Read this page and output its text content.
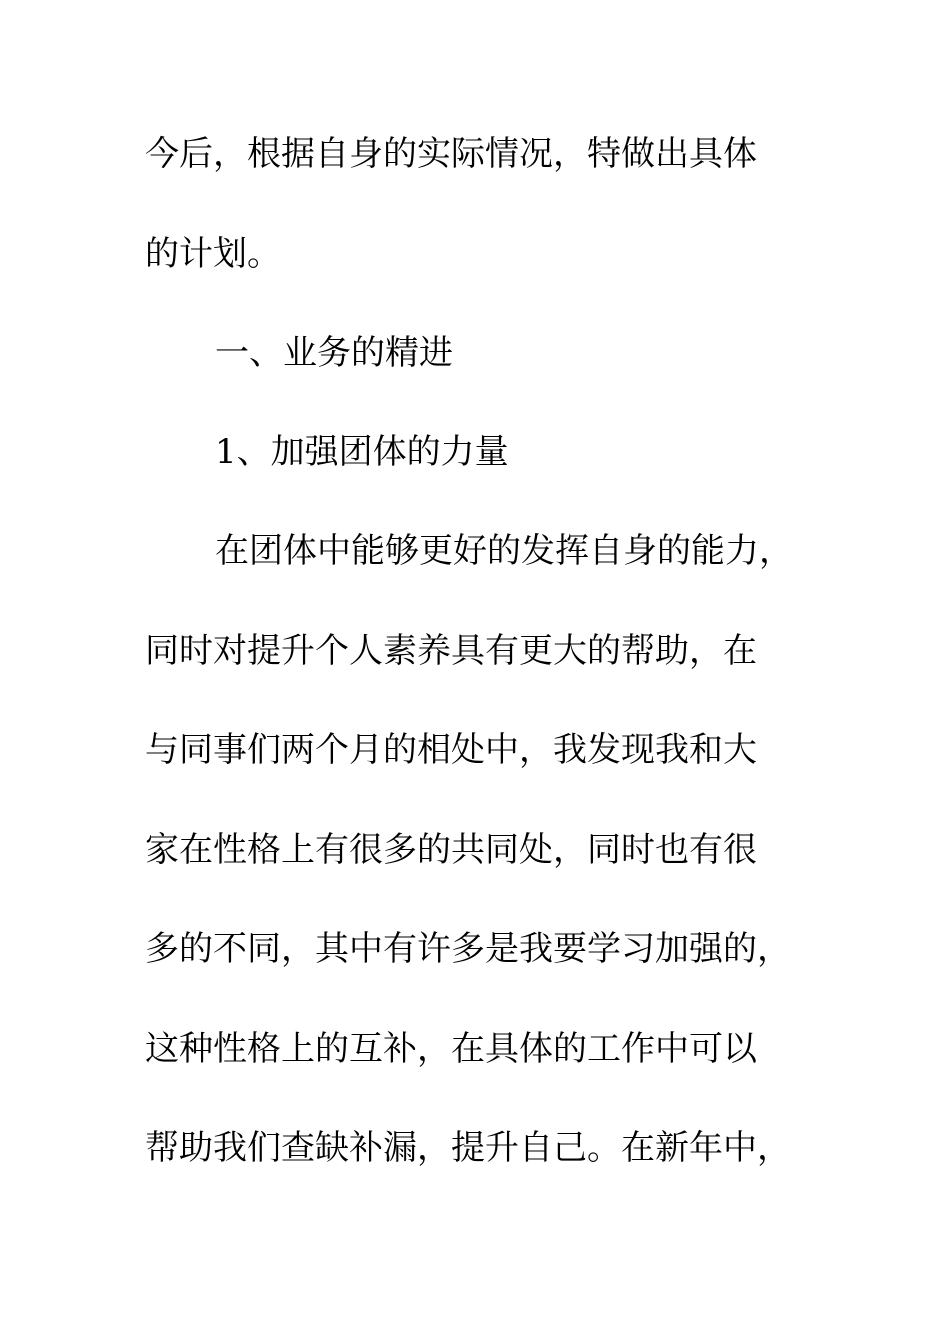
今后，根据自身的实际情况，特做出具体

的计划。

一、业务的精进

1、加强团体的力量

在团体中能够更好的发挥自身的能力，

同时对提升个人素养具有更大的帮助，在

与同事们两个月的相处中，我发现我和大

家在性格上有很多的共同处，同时也有很

多的不同，其中有许多是我要学习加强的，

这种性格上的互补，在具体的工作中可以

帮助我们查缺补漏，提升自己。在新年中，
